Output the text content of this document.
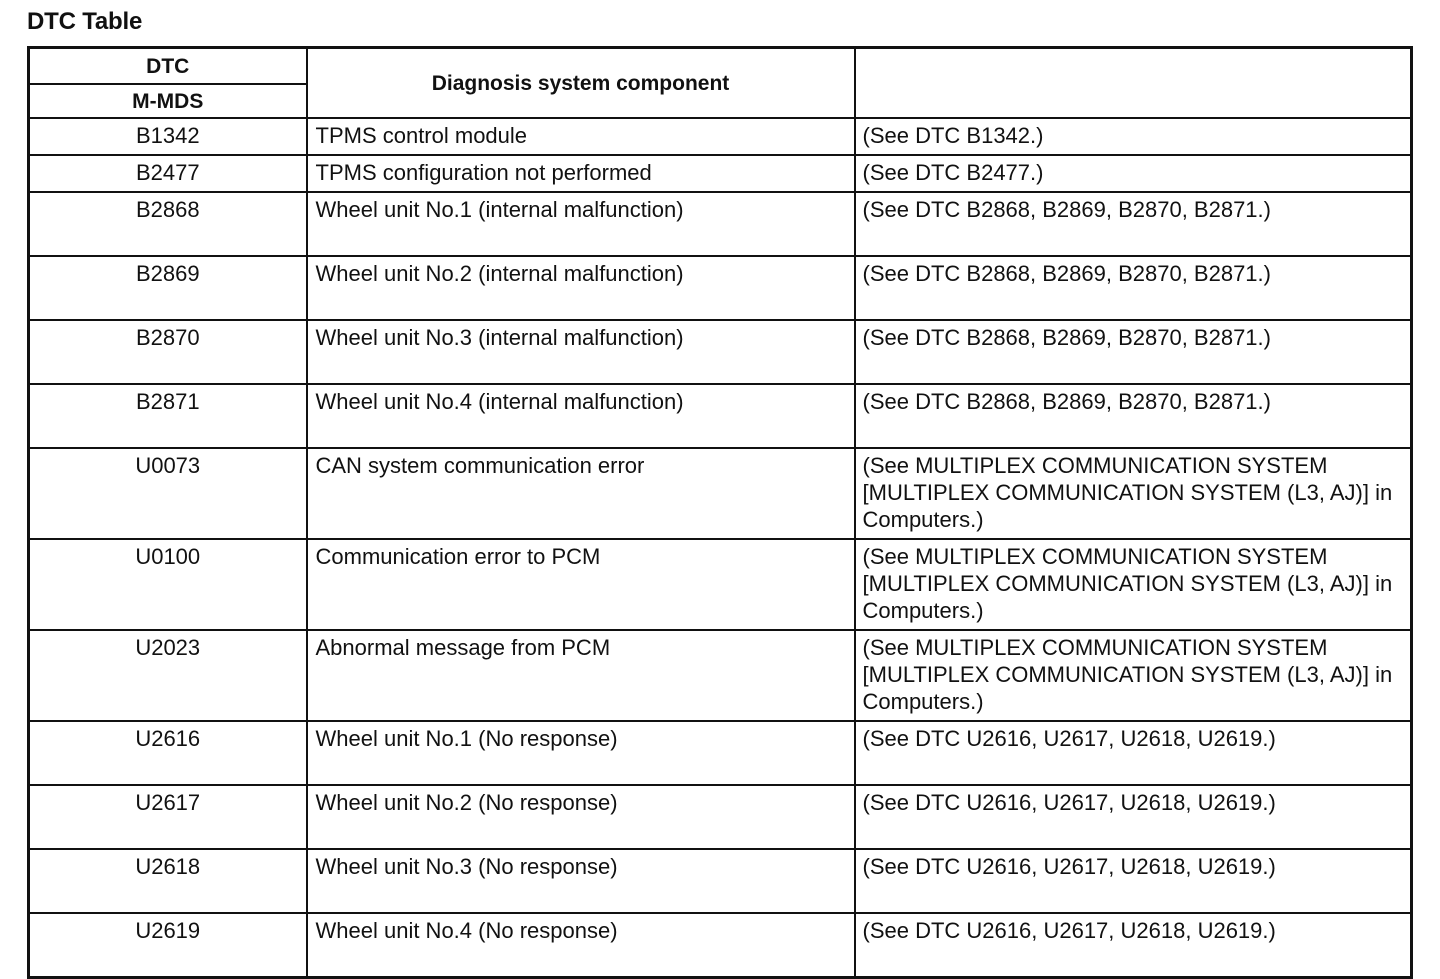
DTC Table
DTC	Diagnosis system component	
M-MDS		
B1342	TPMS control module	(See DTC B1342.)
B2477	TPMS configuration not performed	(See DTC B2477.)
B2868	Wheel unit No.1 (internal malfunction)	(See DTC B2868, B2869, B2870, B2871.)
B2869	Wheel unit No.2 (internal malfunction)	(See DTC B2868, B2869, B2870, B2871.)
B2870	Wheel unit No.3 (internal malfunction)	(See DTC B2868, B2869, B2870, B2871.)
B2871	Wheel unit No.4 (internal malfunction)	(See DTC B2868, B2869, B2870, B2871.)
U0073	CAN system communication error	(See MULTIPLEX COMMUNICATION SYSTEM [MULTIPLEX COMMUNICATION SYSTEM (L3, AJ)] in Computers.)
U0100	Communication error to PCM	(See MULTIPLEX COMMUNICATION SYSTEM [MULTIPLEX COMMUNICATION SYSTEM (L3, AJ)] in Computers.)
U2023	Abnormal message from PCM	(See MULTIPLEX COMMUNICATION SYSTEM [MULTIPLEX COMMUNICATION SYSTEM (L3, AJ)] in Computers.)
U2616	Wheel unit No.1 (No response)	(See DTC U2616, U2617, U2618, U2619.)
U2617	Wheel unit No.2 (No response)	(See DTC U2616, U2617, U2618, U2619.)
U2618	Wheel unit No.3 (No response)	(See DTC U2616, U2617, U2618, U2619.)
U2619	Wheel unit No.4 (No response)	(See DTC U2616, U2617, U2618, U2619.)
